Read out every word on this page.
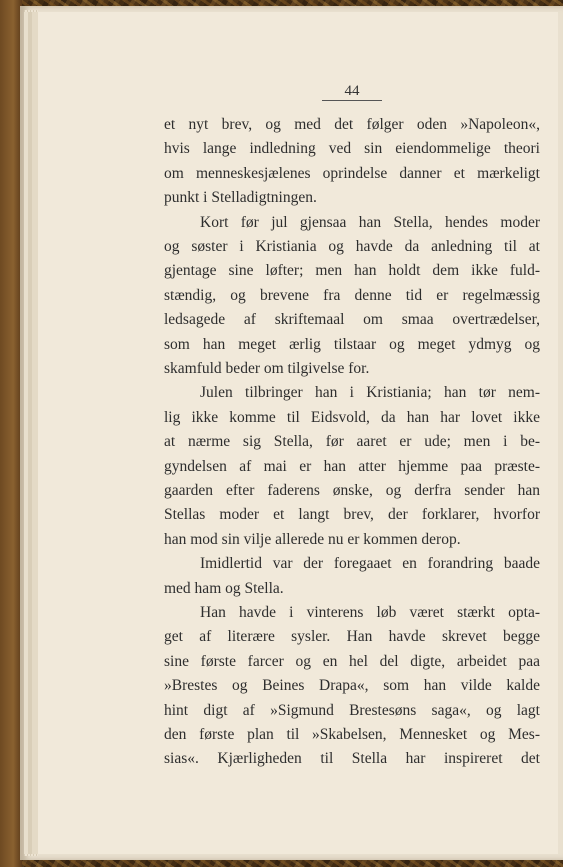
44
et nyt brev, og med det følger oden »Napoleon«,
hvis lange indledning ved sin eiendommelige theori
om menneskesjælenes oprindelse danner et mærkeligt
punkt i Stelladigtningen.
Kort før jul gjensaa han Stella, hendes moder
og søster i Kristiania og havde da anledning til at
gjentage sine løfter; men han holdt dem ikke fuld-
stændig, og brevene fra denne tid er regelmæssig
ledsagede af skriftemaal om smaa overtrædelser,
som han meget ærlig tilstaar og meget ydmyg og
skamfuld beder om tilgivelse for.
Julen tilbringer han i Kristiania; han tør nem-
lig ikke komme til Eidsvold, da han har lovet ikke
at nærme sig Stella, før aaret er ude; men i be-
gyndelsen af mai er han atter hjemme paa præste-
gaarden efter faderens ønske, og derfra sender han
Stellas moder et langt brev, der forklarer, hvorfor
han mod sin vilje allerede nu er kommen derop.
Imidlertid var der foregaaet en forandring baade
med ham og Stella.
Han havde i vinterens løb været stærkt opta-
get af literære sysler. Han havde skrevet begge
sine første farcer og en hel del digte, arbeidet paa
»Brestes og Beines Drapa«, som han vilde kalde
hint digt af »Sigmund Brestesøns saga«, og lagt
den første plan til »Skabelsen, Mennesket og Mes-
sias«. Kjærligheden til Stella har inspireret det
